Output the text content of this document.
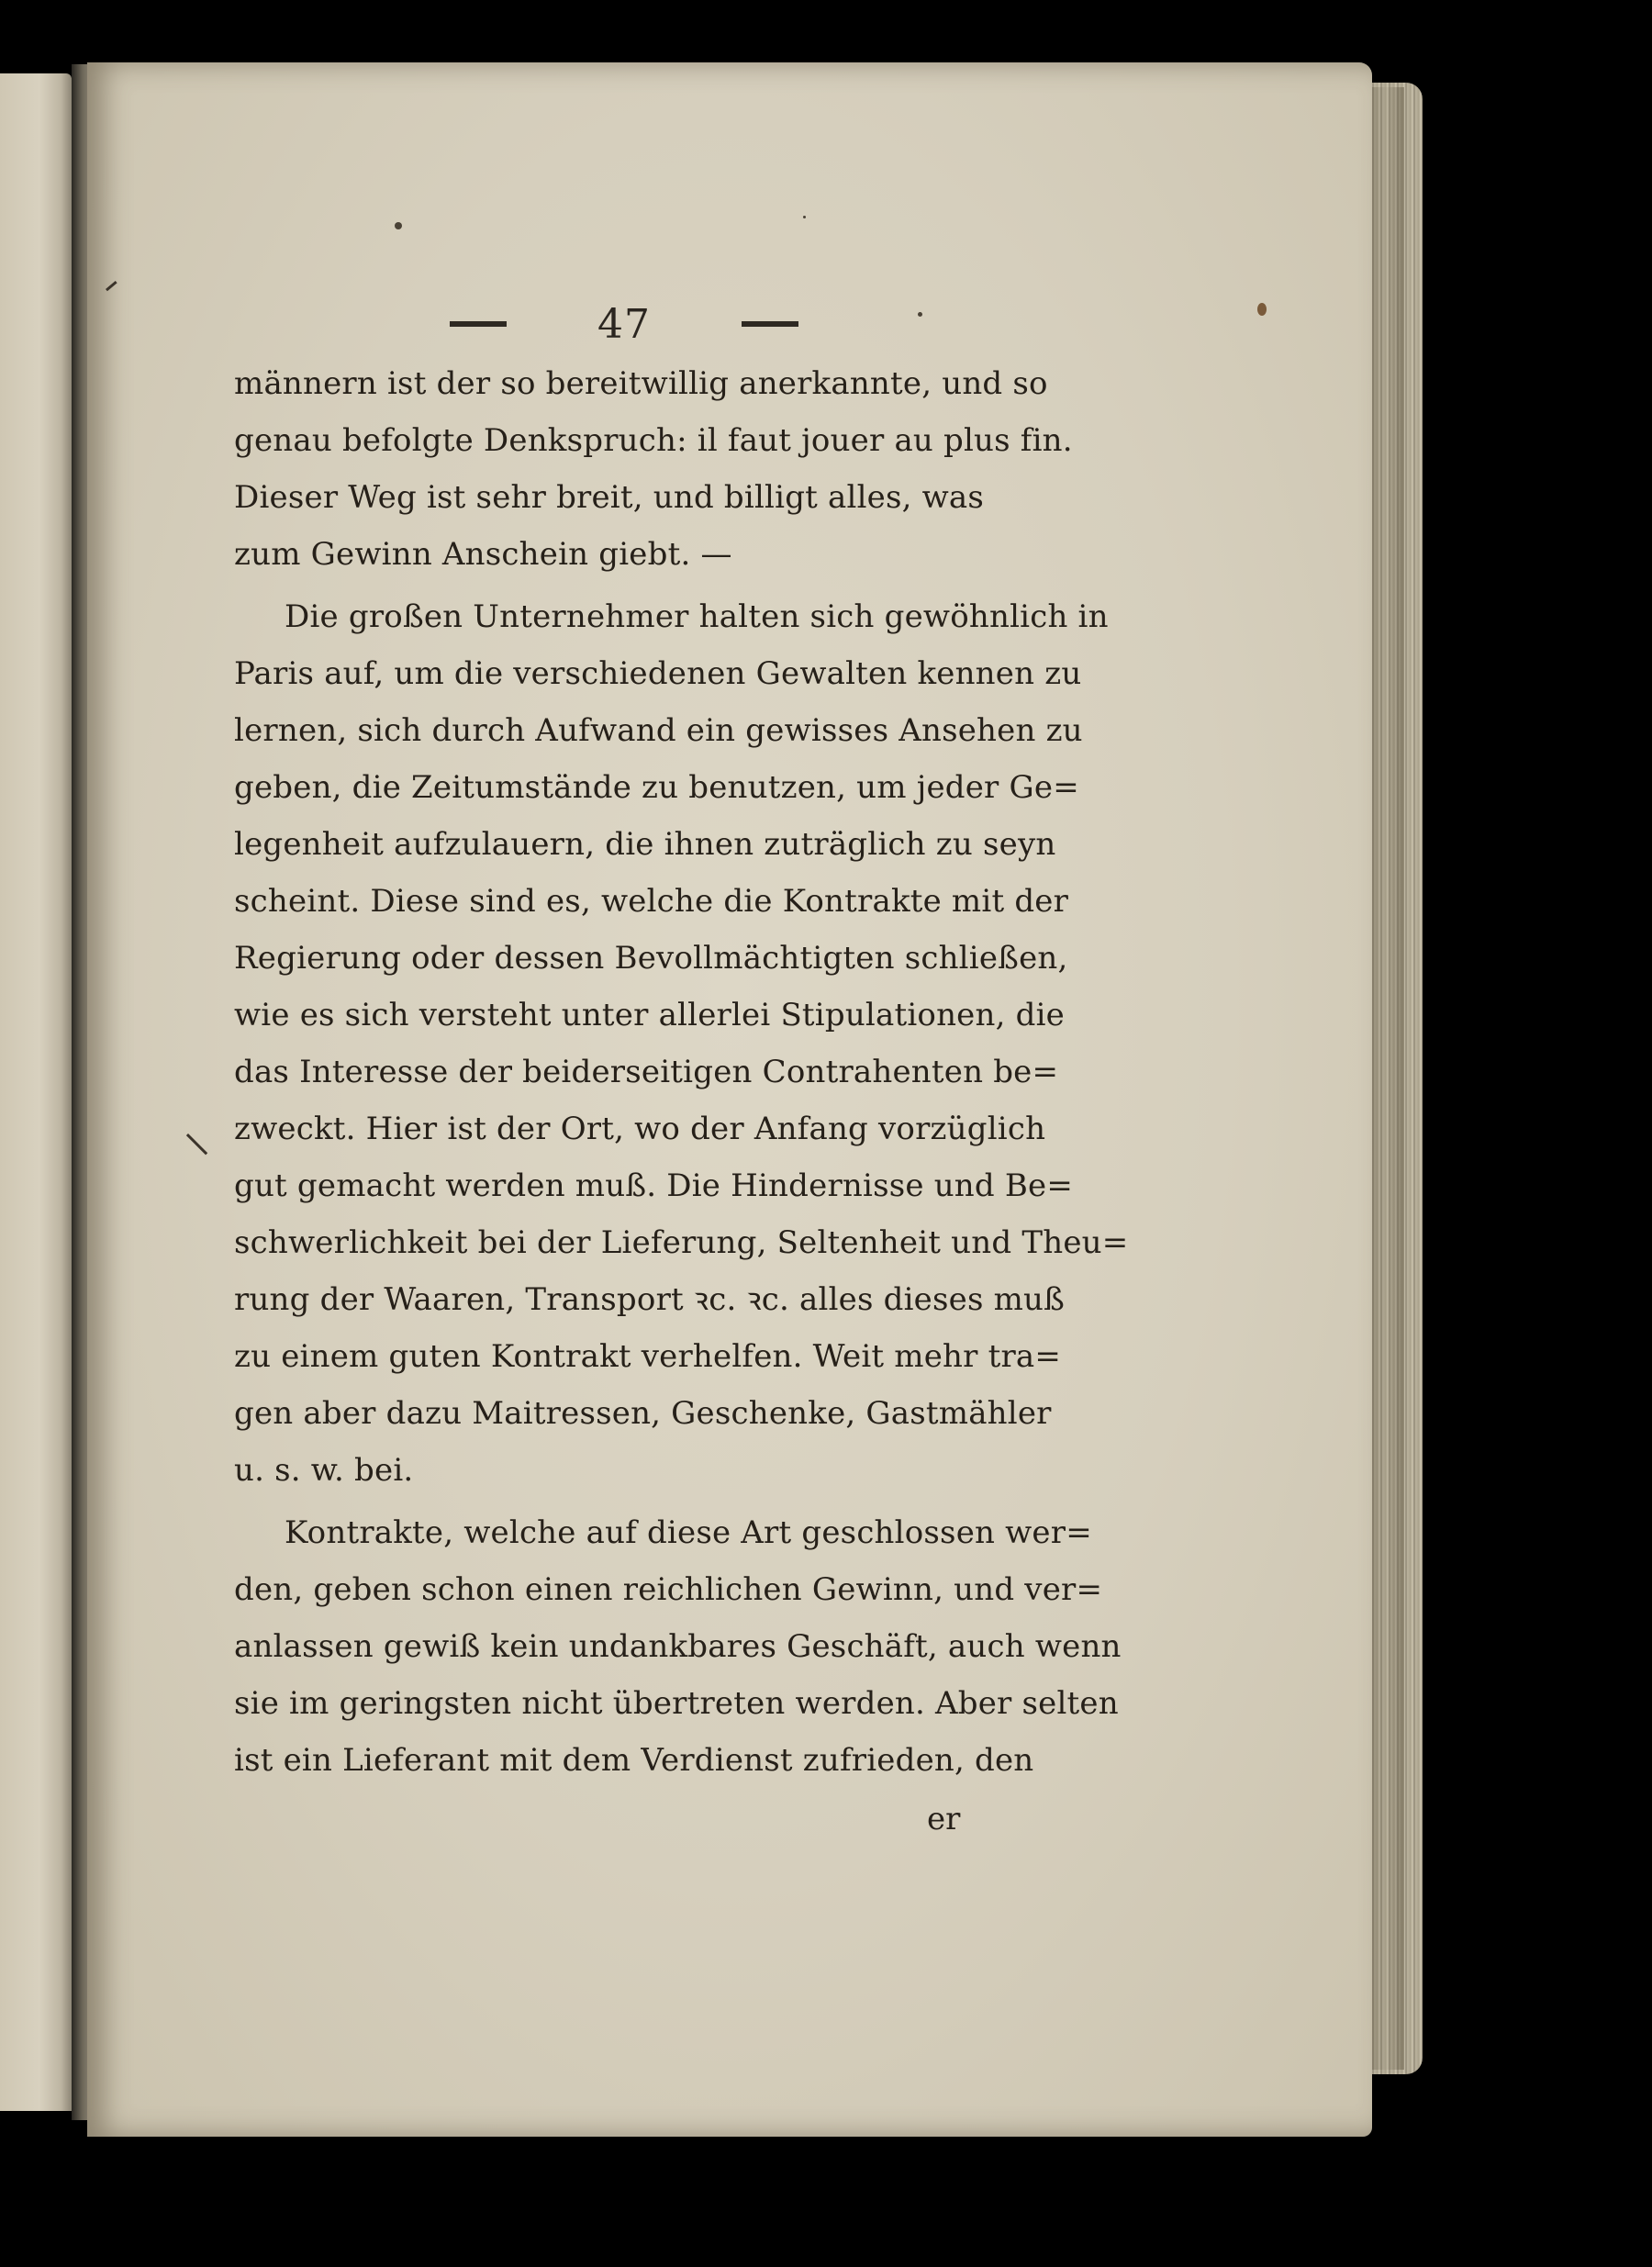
47
männern ist der so bereitwillig anerkannte, und so
genau befolgte Denkspruch: il faut jouer au plus fin.
Dieser Weg ist sehr breit, und billigt alles, was
zum Gewinn Anschein giebt. —
Die großen Unternehmer halten sich gewöhnlich in
Paris auf, um die verschiedenen Gewalten kennen zu
lernen, sich durch Aufwand ein gewisses Ansehen zu
geben, die Zeitumstände zu benutzen, um jeder Ge=
legenheit aufzulauern, die ihnen zuträglich zu seyn
scheint. Diese sind es, welche die Kontrakte mit der
Regierung oder dessen Bevollmächtigten schließen,
wie es sich versteht unter allerlei Stipulationen, die
das Interesse der beiderseitigen Contrahenten be=
zweckt. Hier ist der Ort, wo der Anfang vorzüglich
gut gemacht werden muß. Die Hindernisse und Be=
schwerlichkeit bei der Lieferung, Seltenheit und Theu=
rung der Waaren, Transport ꝛc. ꝛc. alles dieses muß
zu einem guten Kontrakt verhelfen. Weit mehr tra=
gen aber dazu Maitressen, Geschenke, Gastmähler
u. s. w. bei.
Kontrakte, welche auf diese Art geschlossen wer=
den, geben schon einen reichlichen Gewinn, und ver=
anlassen gewiß kein undankbares Geschäft, auch wenn
sie im geringsten nicht übertreten werden. Aber selten
ist ein Lieferant mit dem Verdienst zufrieden, den
er
